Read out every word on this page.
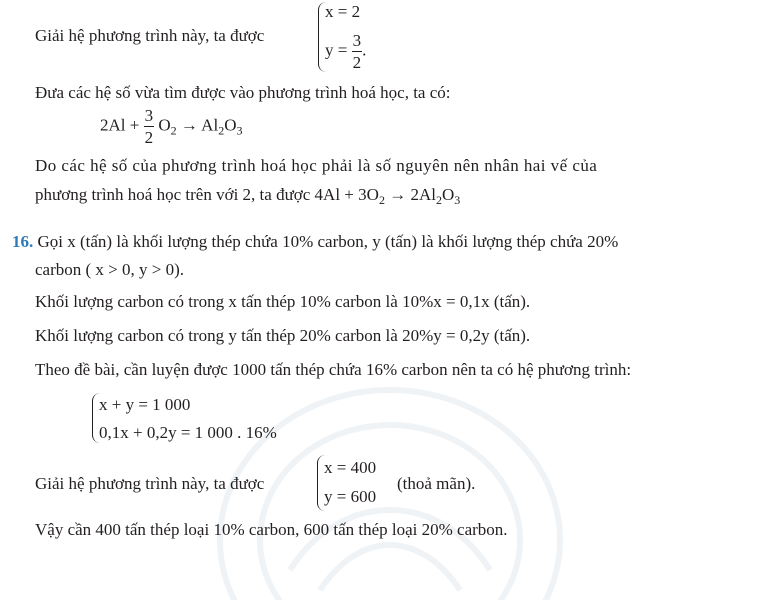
Giải hệ phương trình này, ta được
x = 2
$y = \frac{3}{2}$ .
Đưa các hệ số vừa tìm được vào phương trình hoá học, ta có:
$2Al + \frac{3}{2} O_2 \to Al_2O_3$
Do các hệ số của phương trình hoá học phải là số nguyên nên nhân hai vế của
phương trình hoá học trên với 2, ta được $4Al + 3O_2 \to 2Al_2O_3$
16. Gọi x (tấn) là khối lượng thép chứa 10% carbon, y (tấn) là khối lượng thép chứa 20%
carbon ( x > 0, y > 0).
Khối lượng carbon có trong x tấn thép 10% carbon là 10%x = 0,1x (tấn).
Khối lượng carbon có trong y tấn thép 20% carbon là 20%y = 0,2y (tấn).
Theo đề bài, cần luyện được 1000 tấn thép chứa 16% carbon nên ta có hệ phương trình:
x + y = 1 000
0,1x + 0,2y = 1 000 . 16%
Giải hệ phương trình này, ta được
x = 400
y = 600
(thoả mãn).
Vậy cần 400 tấn thép loại 10% carbon, 600 tấn thép loại 20% carbon.
